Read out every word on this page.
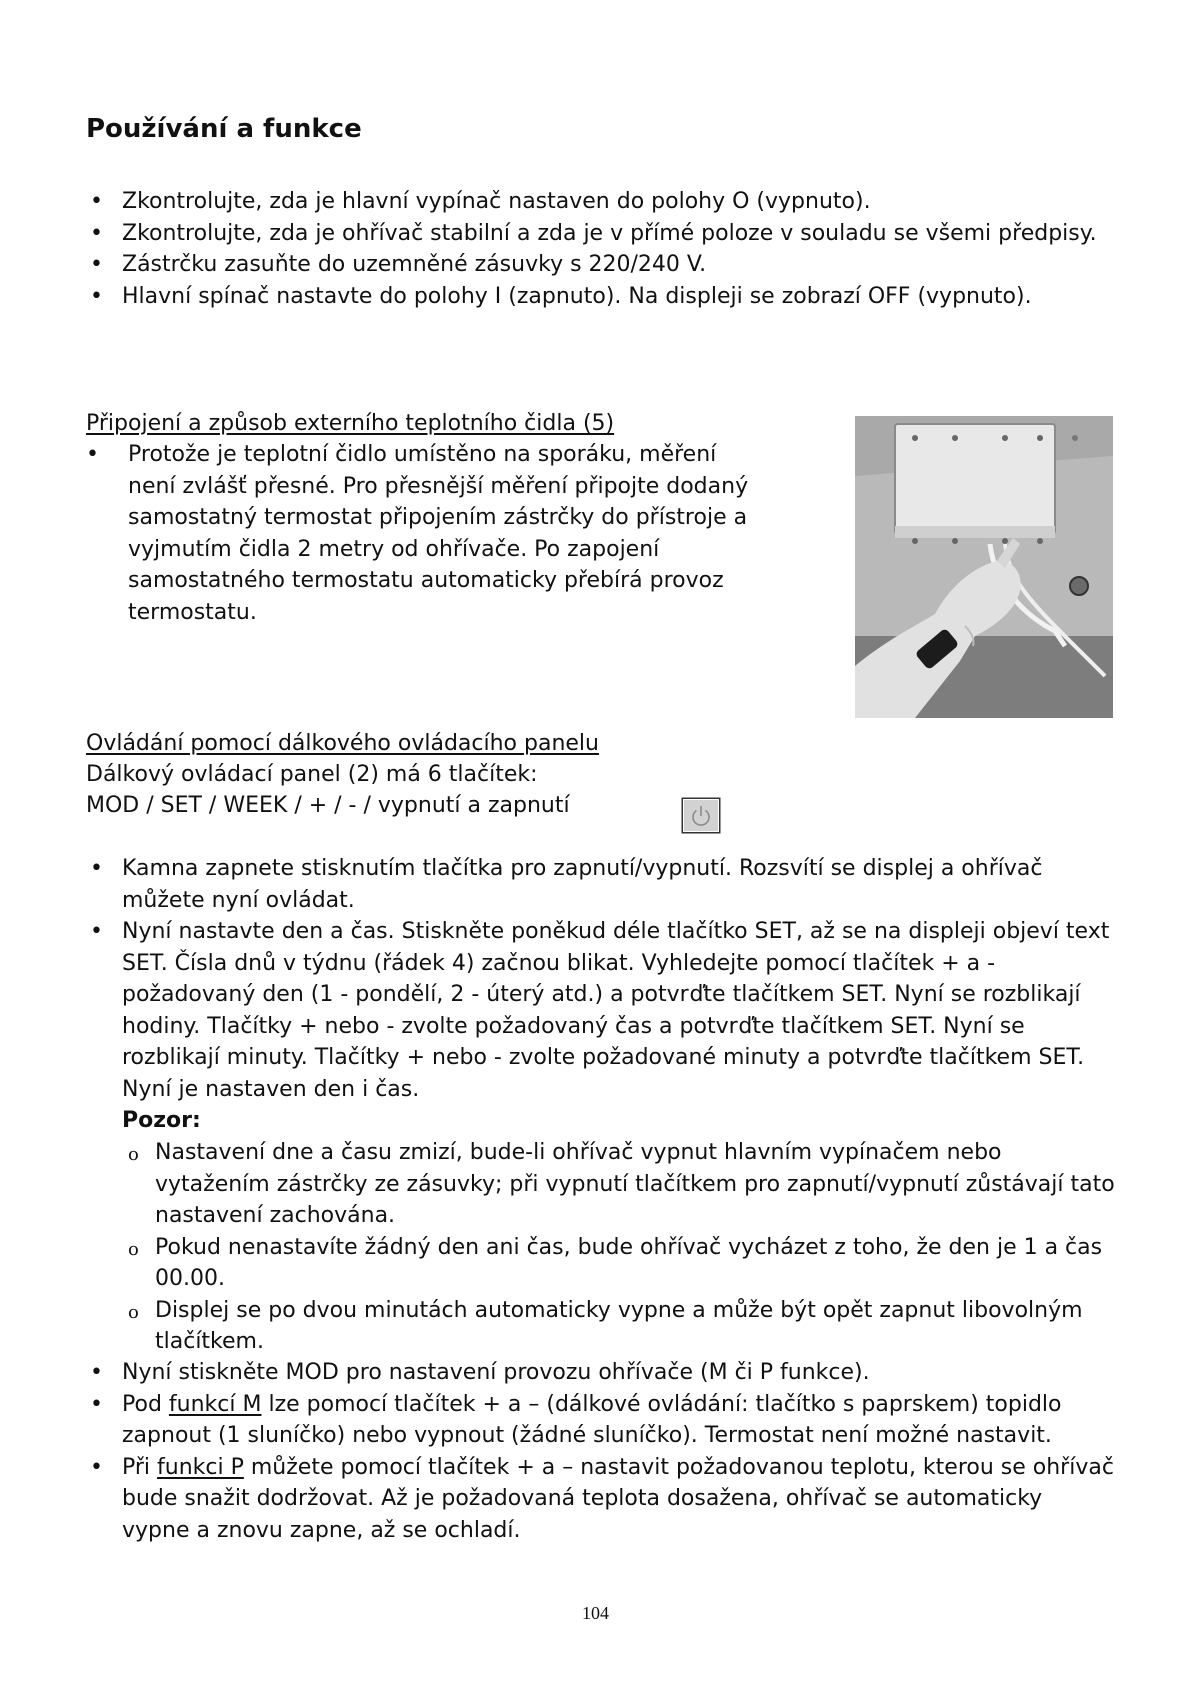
Používání a funkce
• Zkontrolujte, zda je hlavní vypínač nastaven do polohy O (vypnuto).
• Zkontrolujte, zda je ohřívač stabilní a zda je v přímé poloze v souladu se všemi předpisy.
• Zástrčku zasuňte do uzemněné zásuvky s 220/240 V.
• Hlavní spínač nastavte do polohy I (zapnuto). Na displeji se zobrazí OFF (vypnuto).
Připojení a způsob externího teplotního čidla (5)
•	Protože je teplotní čidlo umístěno na sporáku, měření
není zvlášť přesné. Pro přesnější měření připojte dodaný
samostatný termostat připojením zástrčky do přístroje a
vyjmutím čidla 2 metry od ohřívače. Po zapojení
samostatného termostatu automaticky přebírá provoz
termostatu.
Ovládání pomocí dálkového ovládacího panelu
Dálkový ovládací panel (2) má 6 tlačítek:
MOD / SET / WEEK / + / - / vypnutí a zapnutí
• Kamna zapnete stisknutím tlačítka pro zapnutí/vypnutí. Rozsvítí se displej a ohřívač můžete nyní ovládat.
• Nyní nastavte den a čas. Stiskněte poněkud déle tlačítko SET, až se na displeji objeví text SET. Čísla dnů v týdnu (řádek 4) začnou blikat. Vyhledejte pomocí tlačítek + a - požadovaný den (1 - pondělí, 2 - úterý atd.) a potvrďte tlačítkem SET. Nyní se rozblikají hodiny. Tlačítky + nebo - zvolte požadovaný čas a potvrďte tlačítkem SET. Nyní se rozblikají minuty. Tlačítky + nebo - zvolte požadované minuty a potvrďte tlačítkem SET. Nyní je nastaven den i čas.
Pozor:
o Nastavení dne a času zmizí, bude-li ohřívač vypnut hlavním vypínačem nebo vytažením zástrčky ze zásuvky; při vypnutí tlačítkem pro zapnutí/vypnutí zůstávají tato nastavení zachována.
o Pokud nenastavíte žádný den ani čas, bude ohřívač vycházet z toho, že den je 1 a čas 00.00.
o Displej se po dvou minutách automaticky vypne a může být opět zapnut libovolným tlačítkem.
• Nyní stiskněte MOD pro nastavení provozu ohřívače (M či P funkce).
• Pod funkcí M lze pomocí tlačítek + a – (dálkové ovládání: tlačítko s paprskem) topidlo zapnout (1 sluníčko) nebo vypnout (žádné sluníčko). Termostat není možné nastavit.
• Při funkci P můžete pomocí tlačítek + a – nastavit požadovanou teplotu, kterou se ohřívač bude snažit dodržovat. Až je požadovaná teplota dosažena, ohřívač se automaticky vypne a znovu zapne, až se ochladí.
104
